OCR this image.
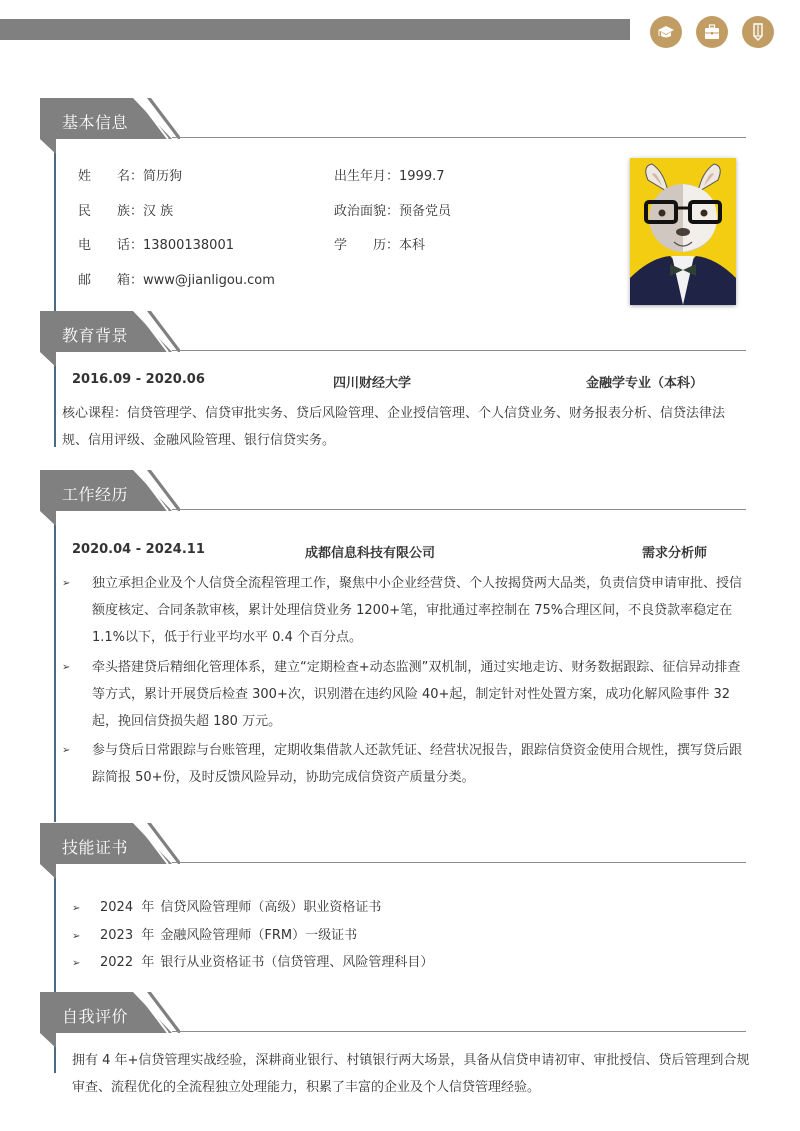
基本信息
姓名：简历狗
民族：汉 族
电话：13800138001
邮箱：www@jianligou.com
出生年月：1999.7
政治面貌：预备党员
学历：本科
教育背景
2016.09 - 2020.06	四川财经大学	金融学专业（本科）
核心课程：信贷管理学、信贷审批实务、贷后风险管理、企业授信管理、个人信贷业务、财务报表分析、信贷法律法规、信用评级、金融风险管理、银行信贷实务。
工作经历
2020.04 - 2024.11	成都信息科技有限公司	需求分析师
➢	独立承担企业及个人信贷全流程管理工作，聚焦中小企业经营贷、个人按揭贷两大品类，负责信贷申请审批、授信额度核定、合同条款审核，累计处理信贷业务 1200+笔，审批通过率控制在 75%合理区间，不良贷款率稳定在 1.1%以下，低于行业平均水平 0.4 个百分点。
➢	牵头搭建贷后精细化管理体系，建立“定期检查+动态监测”双机制，通过实地走访、财务数据跟踪、征信异动排查等方式，累计开展贷后检查 300+次，识别潜在违约风险 40+起，制定针对性处置方案，成功化解风险事件 32 起，挽回信贷损失超 180 万元。
➢	参与贷后日常跟踪与台账管理，定期收集借款人还款凭证、经营状况报告，跟踪信贷资金使用合规性，撰写贷后跟踪简报 50+份，及时反馈风险异动，协助完成信贷资产质量分类。
技能证书
➢ 2024  年 信贷风险管理师（高级）职业资格证书
➢ 2023  年 金融风险管理师（FRM）一级证书
➢ 2022  年 银行从业资格证书（信贷管理、风险管理科目）
自我评价
拥有 4 年+信贷管理实战经验，深耕商业银行、村镇银行两大场景，具备从信贷申请初审、审批授信、贷后管理到合规审查、流程优化的全流程独立处理能力，积累了丰富的企业及个人信贷管理经验。
